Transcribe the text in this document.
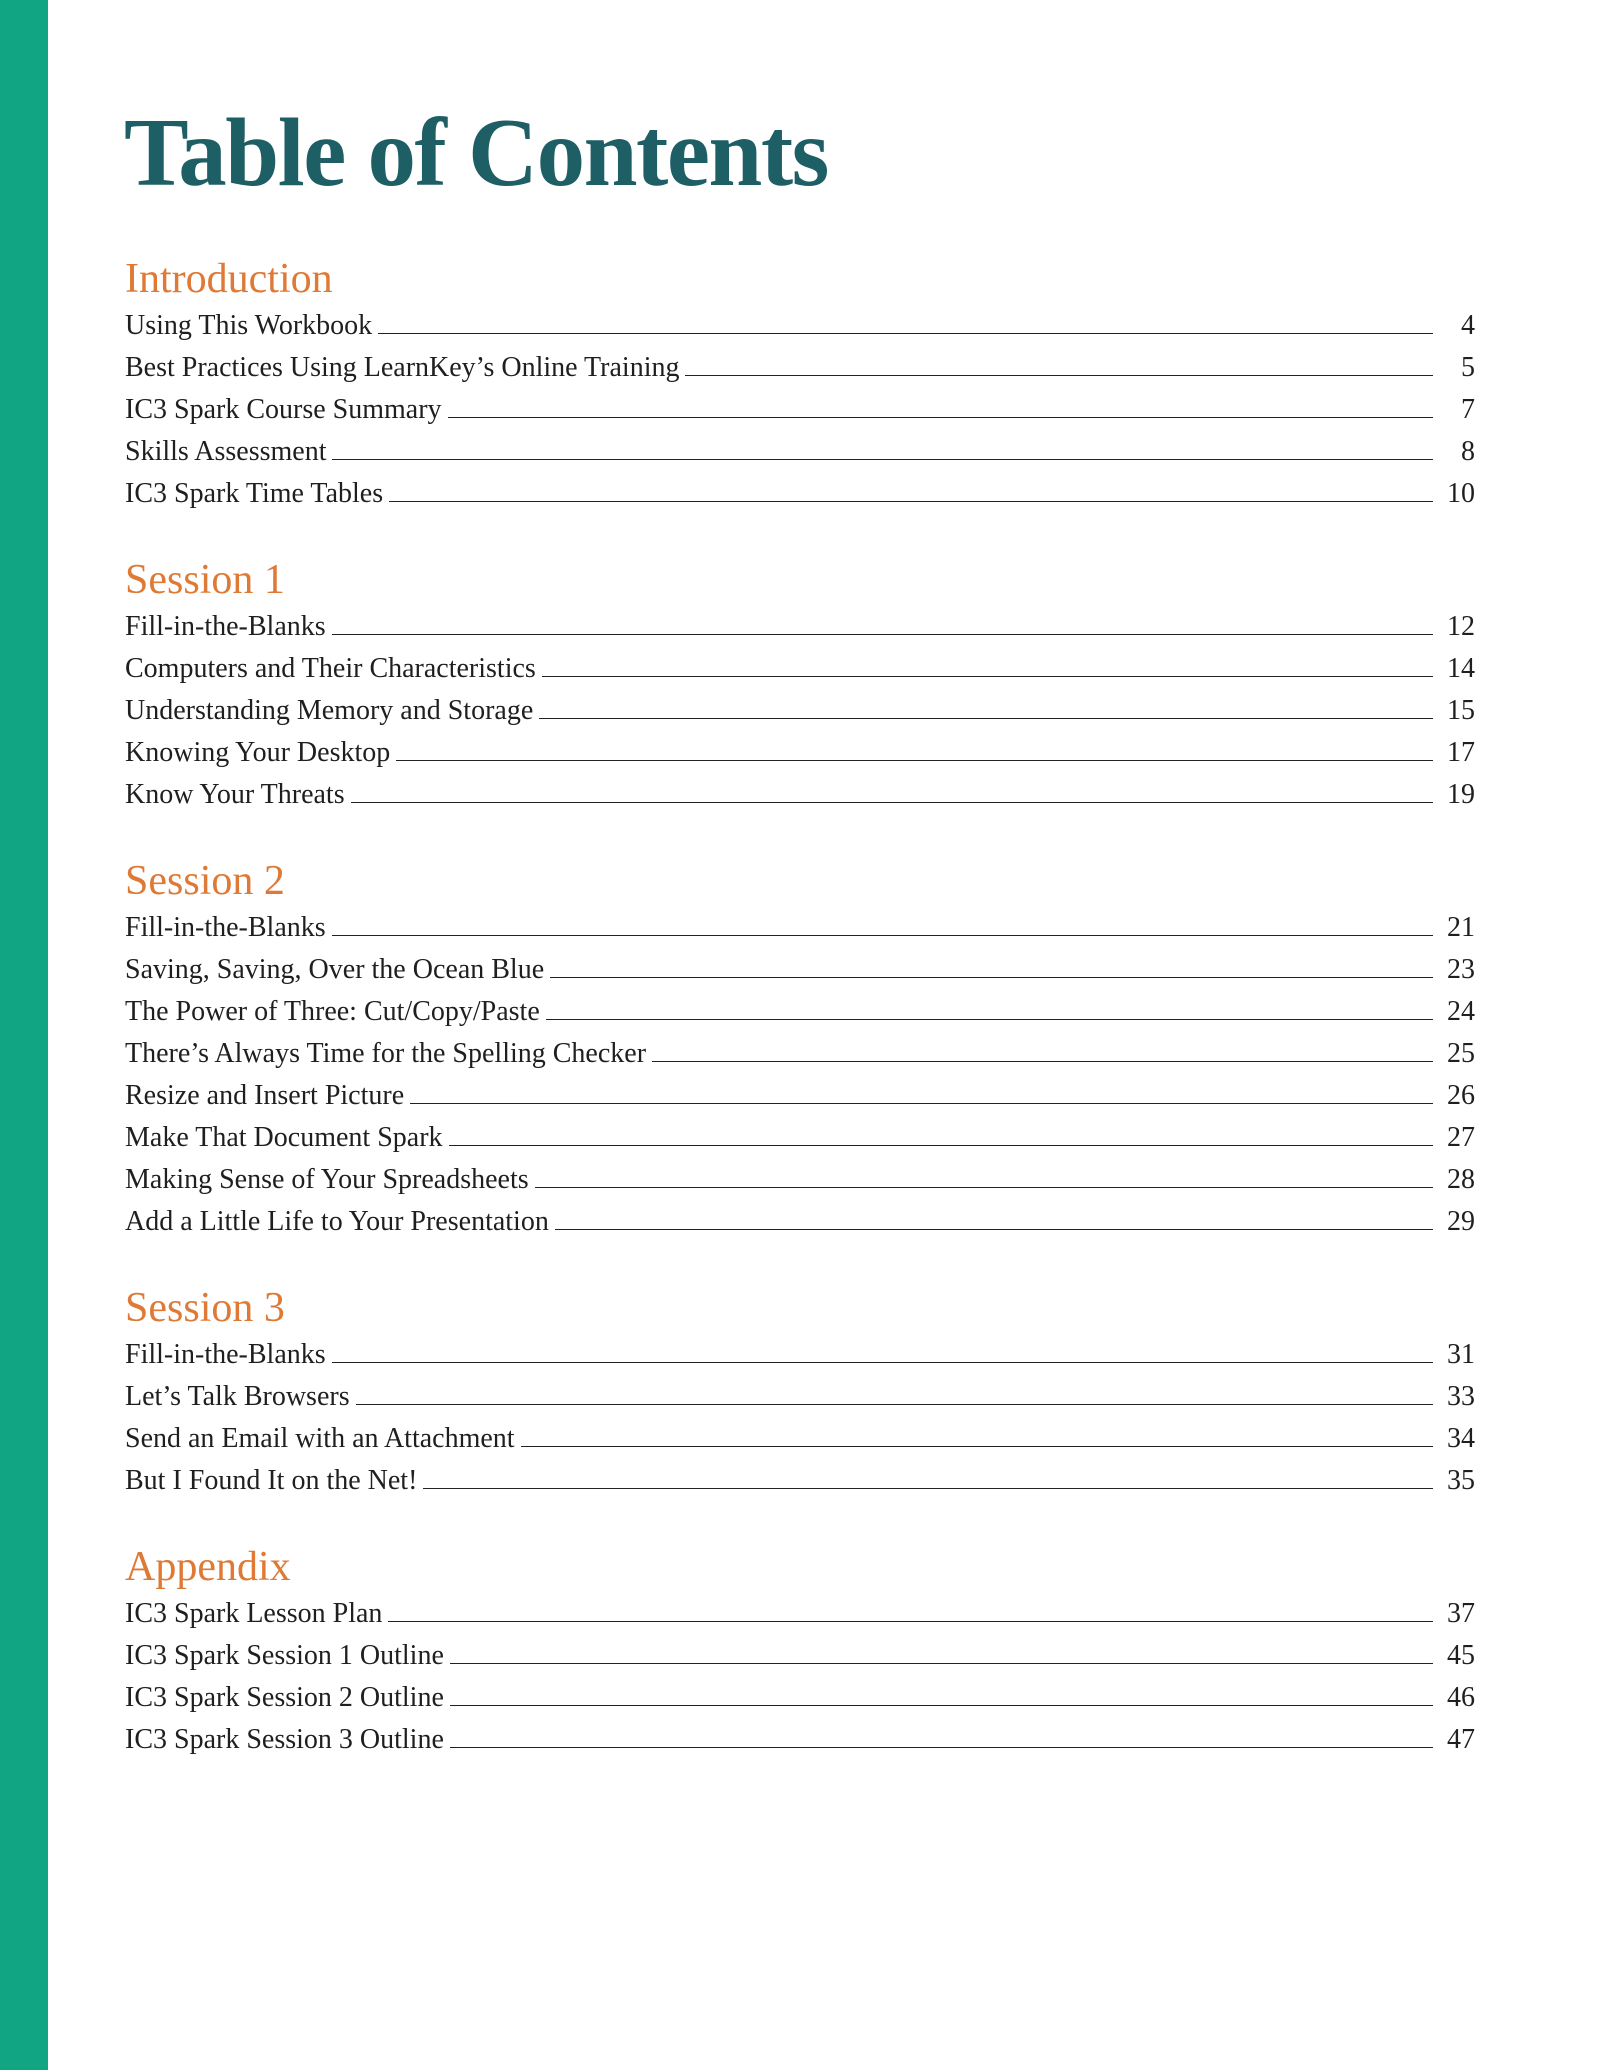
Table of Contents
Introduction
Using This Workbook	4
Best Practices Using LearnKey’s Online Training	5
IC3 Spark Course Summary	7
Skills Assessment	8
IC3 Spark Time Tables	10
Session 1
Fill-in-the-Blanks	12
Computers and Their Characteristics	14
Understanding Memory and Storage	15
Knowing Your Desktop	17
Know Your Threats	19
Session 2
Fill-in-the-Blanks	21
Saving, Saving, Over the Ocean Blue	23
The Power of Three: Cut/Copy/Paste	24
There’s Always Time for the Spelling Checker	25
Resize and Insert Picture	26
Make That Document Spark	27
Making Sense of Your Spreadsheets	28
Add a Little Life to Your Presentation	29
Session 3
Fill-in-the-Blanks	31
Let’s Talk Browsers	33
Send an Email with an Attachment	34
But I Found It on the Net!	35
Appendix
IC3 Spark Lesson Plan	37
IC3 Spark Session 1 Outline	45
IC3 Spark Session 2 Outline	46
IC3 Spark Session 3 Outline	47
